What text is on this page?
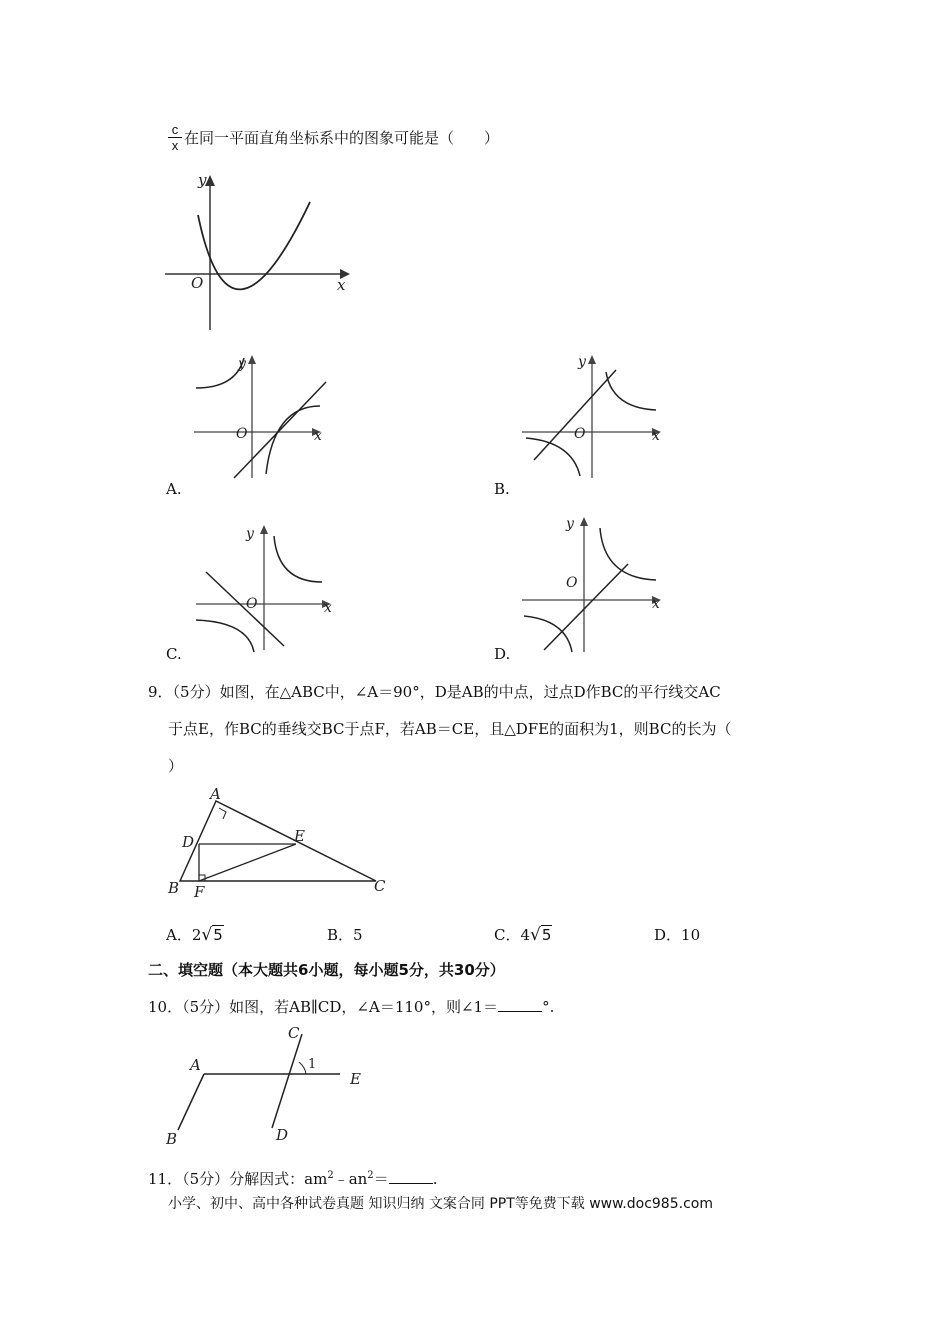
$\frac{c}{x}$ 在同一平面直角坐标系中的图象可能是（　　）
y
x
O
y
x
O
A.
y
x
O
B.
y
x
O
C.
y
x
O
D.
9．（5分）如图，在△ABC中，∠A＝90°，D是AB的中点，过点D作BC的平行线交AC
于点E，作BC的垂线交BC于点F，若AB＝CE，且△DFE的面积为1，则BC的长为（
）
A
D	E
B F	C
A．2√5	B．5	C．4√5	D．10
二、填空题（本大题共6小题，每小题5分，共30分）
10．（5分）如图，若AB∥CD，∠A＝110°，则∠1＝	°.
A
B
C
D
E
1
11．（5分）分解因式：$am^2﹣an^2=$	.
小学、初中、高中各种试卷真题 知识归纳 文案合同 PPT等免费下载 www.doc985.com
